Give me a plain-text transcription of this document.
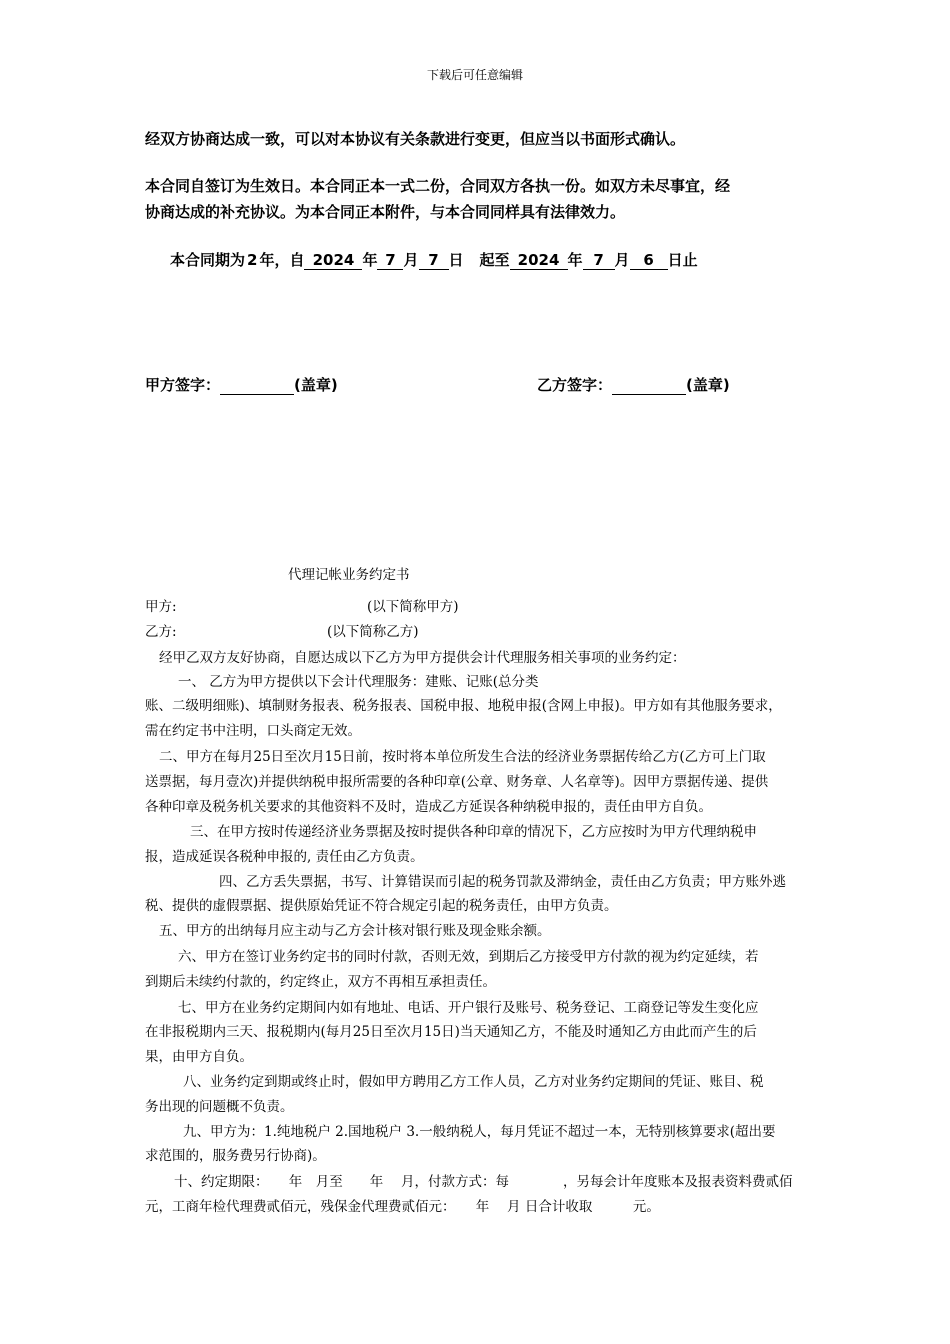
下载后可任意编辑
经双方协商达成一致，可以对本协议有关条款进行变更，但应当以书面形式确认。
本合同自签订为生效日。本合同正本一式二份，合同双方各执一份。如双方未尽事宜，经
协商达成的补充协议。为本合同正本附件，与本合同同样具有法律效力。
本合同期为 2 年，自 2024 年 7 月 7 日 起至 2024 年 7 月 6 日止
甲方签字：	(盖章)	乙方签字：	(盖章)
代理记帐业务约定书
甲方:	(以下简称甲方)
乙方:	(以下简称乙方)
经甲乙双方友好协商，自愿达成以下乙方为甲方提供会计代理服务相关事项的业务约定：
一、 乙方为甲方提供以下会计代理服务：建账、记账(总分类
账、二级明细账)、填制财务报表、税务报表、国税申报、地税申报(含网上申报)。甲方如有其他服务要求，
需在约定书中注明，口头商定无效。
二、甲方在每月25日至次月15日前，按时将本单位所发生合法的经济业务票据传给乙方(乙方可上门取
送票据，每月壹次)并提供纳税申报所需要的各种印章(公章、财务章、人名章等)。因甲方票据传递、提供
各种印章及税务机关要求的其他资料不及时，造成乙方延误各种纳税申报的，责任由甲方自负。
三、在甲方按时传递经济业务票据及按时提供各种印章的情况下，乙方应按时为甲方代理纳税申
报，造成延误各税种申报的, 责任由乙方负责。
四、乙方丢失票据，书写、计算错误而引起的税务罚款及滞纳金，责任由乙方负责；甲方账外逃
税、提供的虚假票据、提供原始凭证不符合规定引起的税务责任，由甲方负责。
五、甲方的出纳每月应主动与乙方会计核对银行账及现金账余额。
六、甲方在签订业务约定书的同时付款，否则无效，到期后乙方接受甲方付款的视为约定延续，若
到期后未续约付款的，约定终止，双方不再相互承担责任。
七、甲方在业务约定期间内如有地址、电话、开户银行及账号、税务登记、工商登记等发生变化应
在非报税期内三天、报税期内(每月25日至次月15日)当天通知乙方，不能及时通知乙方由此而产生的后
果，由甲方自负。
八、业务约定到期或终止时，假如甲方聘用乙方工作人员，乙方对业务约定期间的凭证、账目、税
务出现的问题概不负责。
九、甲方为：1.纯地税户 2.国地税户 3.一般纳税人，每月凭证不超过一本，无特别核算要求(超出要
求范围的，服务费另行协商)。
十、约定期限：　　年　月至　　年　 月，付款方式：每　　　　，另每会计年度账本及报表资料费贰佰
元，工商年检代理费贰佰元，残保金代理费贰佰元：　　年　 月 日合计收取　　　元。
